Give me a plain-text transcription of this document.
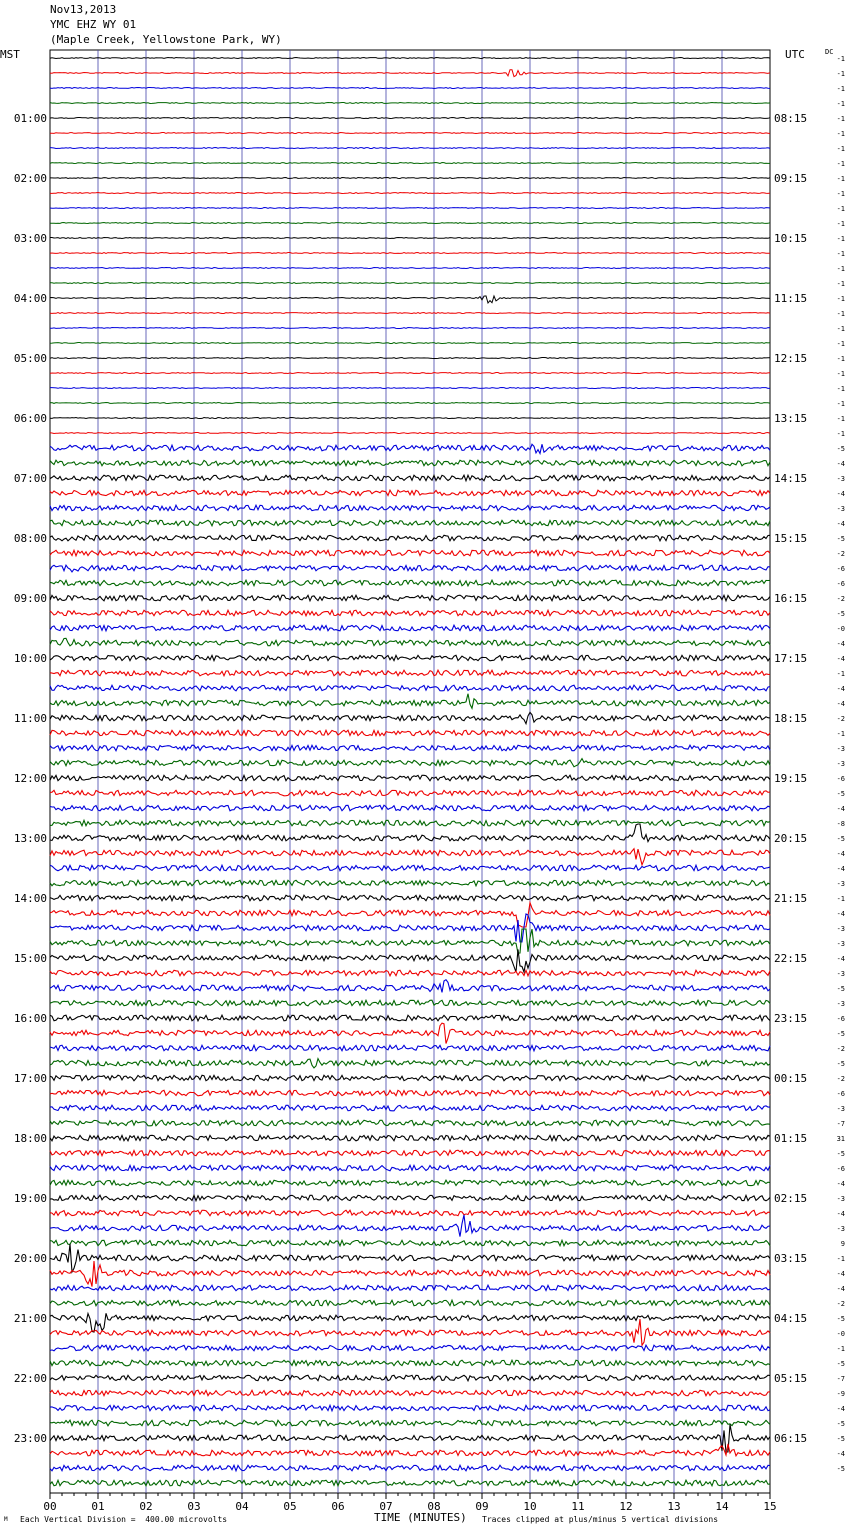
Nov13,2013
YMC EHZ WY 01
(Maple Creek, Yellowstone Park, WY)
MST	UTC	DC
01:00
02:00
03:00
04:00
05:00
06:00
07:00
08:00
09:00
10:00
11:00
12:00
13:00
14:00
15:00
16:00
17:00
18:00
19:00
20:00
21:00
22:00
23:00
08:15
09:15
10:15
11:15
12:15
13:15
14:15
15:15
16:15
17:15
18:15
19:15
20:15
21:15
22:15
23:15
00:15
01:15
02:15
03:15
04:15
05:15
06:15
-1
-1
-1
-1
-1
-1
-1
-1
-1
-1
-1
-1
-1
-1
-1
-1
-1
-1
-1
-1
-1
-1
-1
-1
-1
-1
-5
-4
-3
-4
-3
-4
-5
-2
-6
-6
-2
-5
-0
-4
-4
-1
-4
-4
-2
-1
-3
-3
-6
-5
-4
-8
-5
-4
-4
-3
-1
-4
-3
-3
-4
-3
-5
-3
-6
-5
-2
-5
-2
-6
-3
-7
31
-5
-6
-4
-3
-4
-3
9
-1
-4
-4
-2
-5
-0
-1
-5
-7
-9
-4
-5
-5
-4
-5
00	01	02	03	04	05	06	07	08	09	10	11	12	13	14	15
TIME (MINUTES)
M Each Vertical Division =  400.00 microvolts	Traces clipped at plus/minus 5 vertical divisions
